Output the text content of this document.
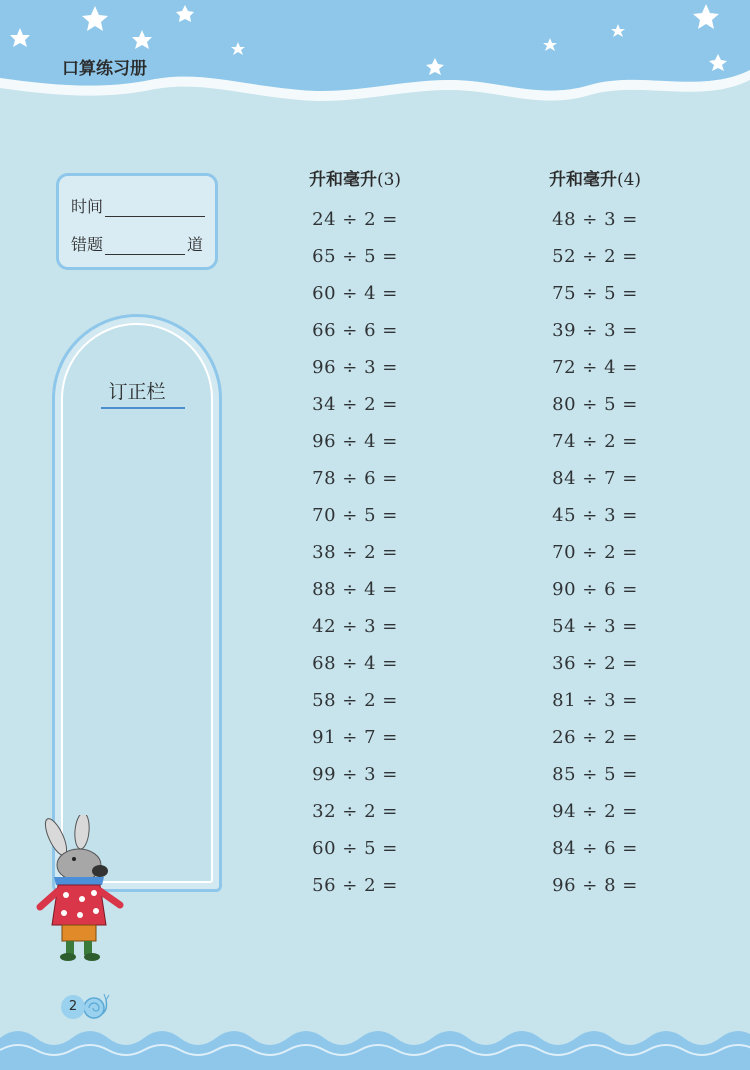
口算练习册
时间
错题	道
订正栏
升和毫升(3)
24 ÷ 2 =
65 ÷ 5 =
60 ÷ 4 =
66 ÷ 6 =
96 ÷ 3 =
34 ÷ 2 =
96 ÷ 4 =
78 ÷ 6 =
70 ÷ 5 =
38 ÷ 2 =
88 ÷ 4 =
42 ÷ 3 =
68 ÷ 4 =
58 ÷ 2 =
91 ÷ 7 =
99 ÷ 3 =
32 ÷ 2 =
60 ÷ 5 =
56 ÷ 2 =
升和毫升(4)
48 ÷ 3 =
52 ÷ 2 =
75 ÷ 5 =
39 ÷ 3 =
72 ÷ 4 =
80 ÷ 5 =
74 ÷ 2 =
84 ÷ 7 =
45 ÷ 3 =
70 ÷ 2 =
90 ÷ 6 =
54 ÷ 3 =
36 ÷ 2 =
81 ÷ 3 =
26 ÷ 2 =
85 ÷ 5 =
94 ÷ 2 =
84 ÷ 6 =
96 ÷ 8 =
2
